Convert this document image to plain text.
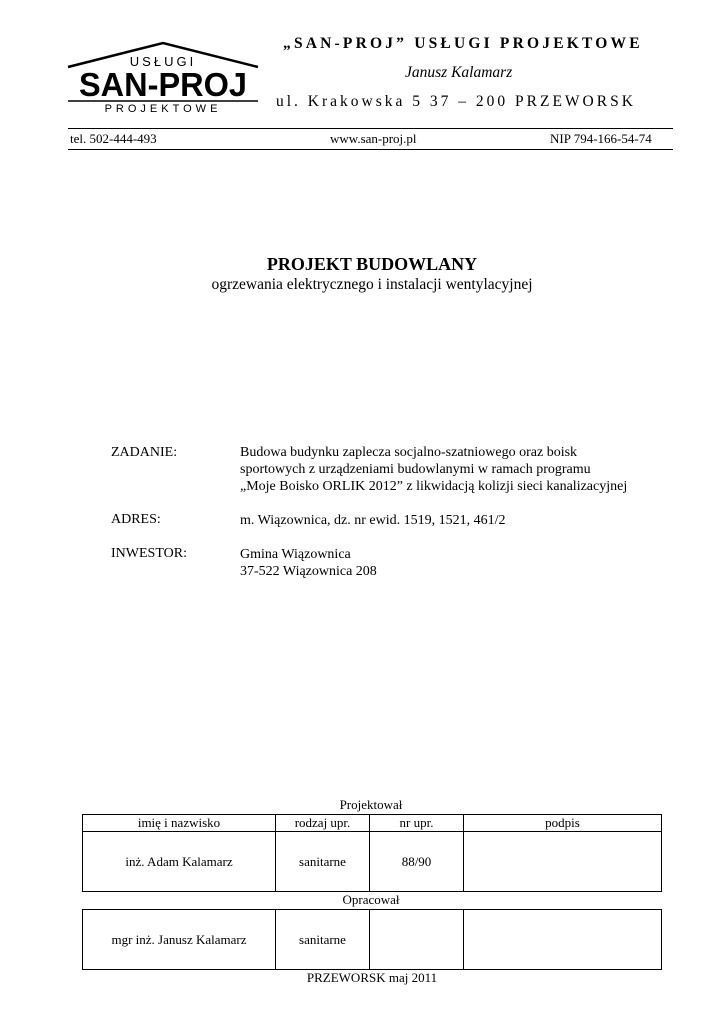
USŁUGI
SAN-PROJ
PROJEKTOWE
„SAN-PROJ” USŁUGI PROJEKTOWE
Janusz Kalamarz
ul. Krakowska 5 37 – 200 PRZEWORSK
tel. 502-444-493	www.san-proj.pl	NIP 794-166-54-74
PROJEKT BUDOWLANY
ogrzewania elektrycznego i instalacji wentylacyjnej
ZADANIE:	Budowa budynku zaplecza socjalno-szatniowego oraz boisk
sportowych z urządzeniami budowlanymi w ramach programu
„Moje Boisko ORLIK 2012” z likwidacją kolizji sieci kanalizacyjnej
ADRES:	m. Wiązownica, dz. nr ewid. 1519, 1521, 461/2
INWESTOR:	Gmina Wiązownica
37-522 Wiązownica 208
Projektował
imię i nazwisko	rodzaj upr.	nr upr.	podpis
inż. Adam Kalamarz	sanitarne	88/90	
Opracował
mgr inż. Janusz Kalamarz	sanitarne		
PRZEWORSK maj 2011
